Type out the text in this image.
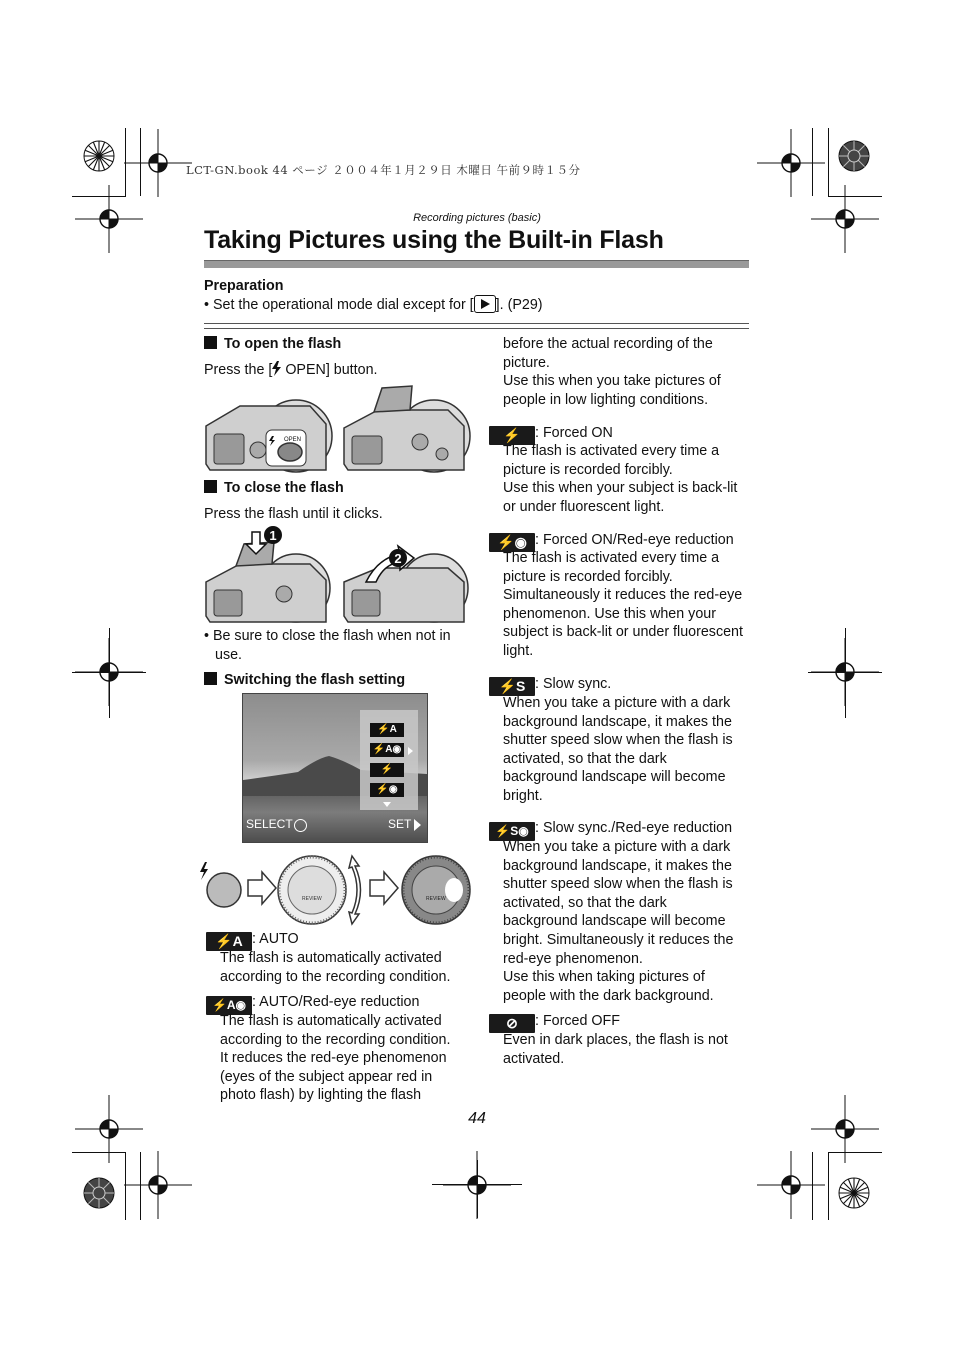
LCT-GN.book 44 ページ ２００４年１月２９日 木曜日 午前９時１５分
Recording pictures (basic)
Taking Pictures using the Built-in Flash
Preparation
• Set the operational mode dial except for [ ]. (P29)
To open the flash
Press the [ OPEN] button.
OPEN
To close the flash
Press the flash until it clicks.
1
2
• Be sure to close the flash when not in
use.
Switching the flash setting
⚡A
⚡A◉
⚡
⚡◉
SELECT	SET
REVIEW	REVIEW
⚡A : AUTO
The flash is automatically activated
according to the recording condition.
⚡A◉ : AUTO/Red-eye reduction
The flash is automatically activated
according to the recording condition.
It reduces the red-eye phenomenon
(eyes of the subject appear red in
photo flash) by lighting the flash
before the actual recording of the
picture.
Use this when you take pictures of
people in low lighting conditions.
⚡ : Forced ON
The flash is activated every time a
picture is recorded forcibly.
Use this when your subject is back-lit
or under fluorescent light.
⚡◉ : Forced ON/Red-eye reduction
The flash is activated every time a
picture is recorded forcibly.
Simultaneously it reduces the red-eye
phenomenon. Use this when your
subject is back-lit or under fluorescent
light.
⚡S : Slow sync.
When you take a picture with a dark
background landscape, it makes the
shutter speed slow when the flash is
activated, so that the dark
background landscape will become
bright.
⚡S◉ : Slow sync./Red-eye reduction
When you take a picture with a dark
background landscape, it makes the
shutter speed slow when the flash is
activated, so that the dark
background landscape will become
bright. Simultaneously it reduces the
red-eye phenomenon.
Use this when taking pictures of
people with the dark background.
⊘ : Forced OFF
Even in dark places, the flash is not
activated.
44
